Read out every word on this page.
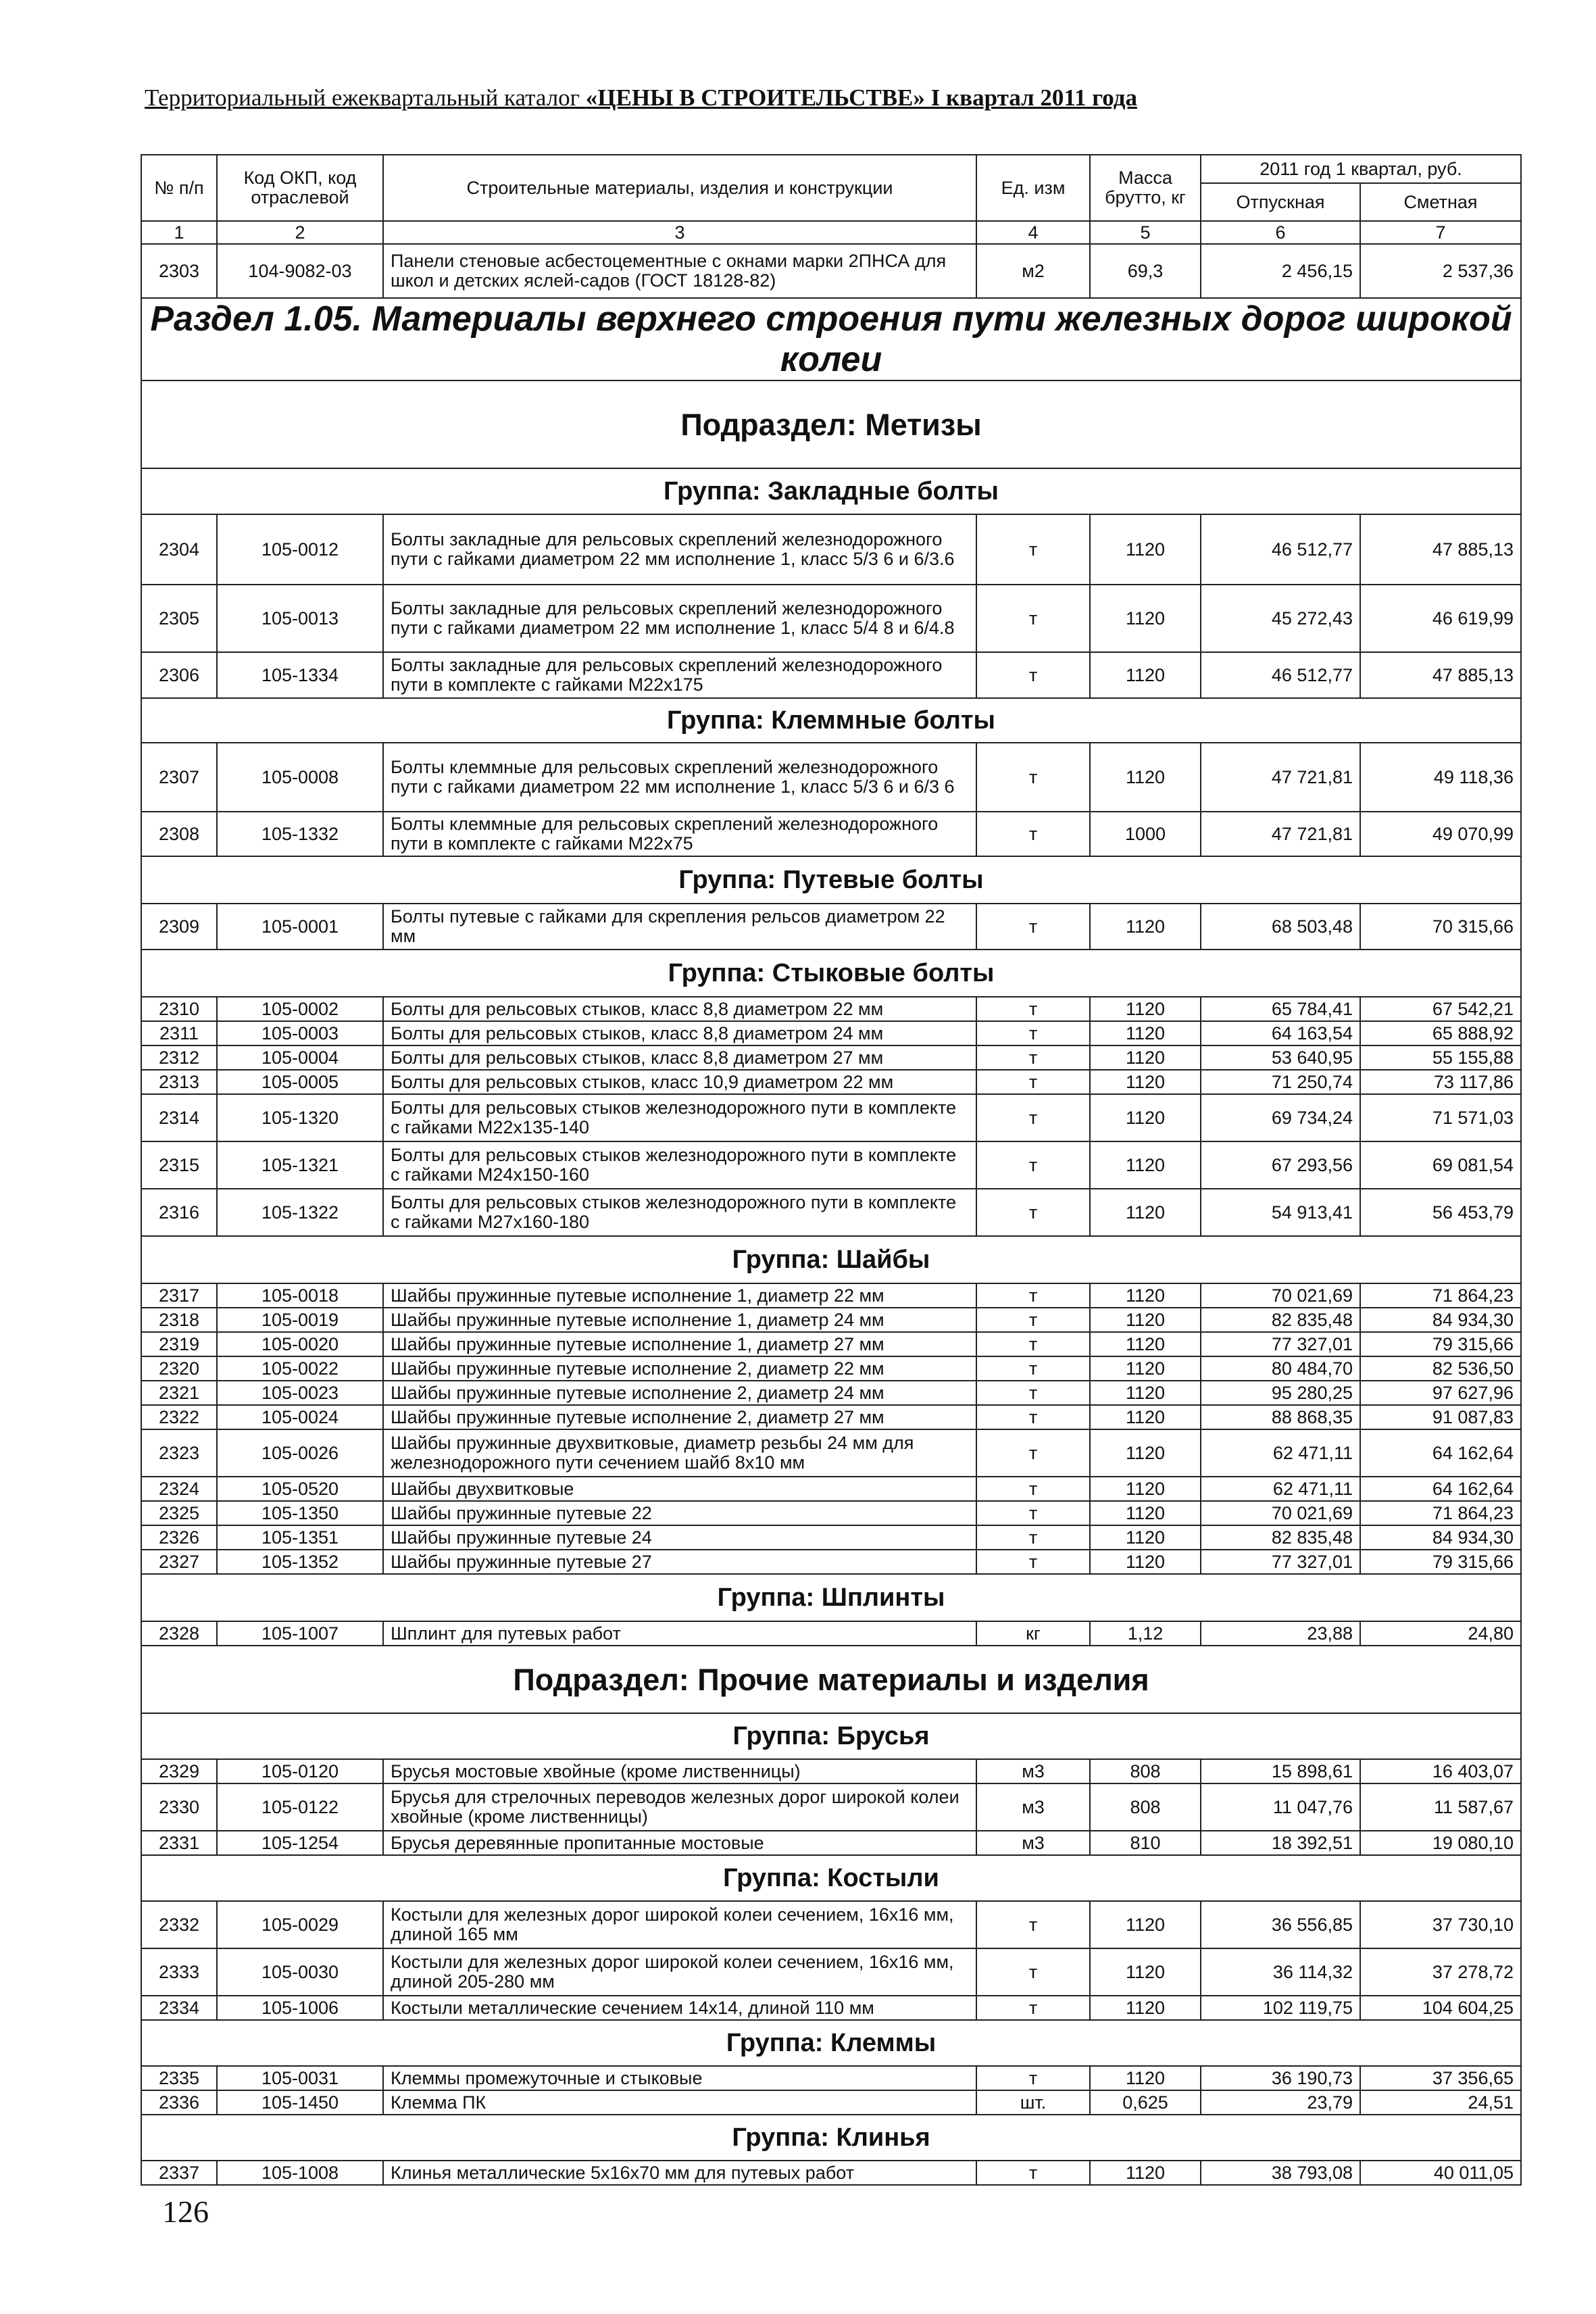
Территориальный ежеквартальный каталог «ЦЕНЫ В СТРОИТЕЛЬСТВЕ» I квартал 2011 года
№ п/п	Код ОКП, код отраслевой	Строительные материалы, изделия и конструкции	Ед. изм	Масса брутто, кг	2011 год 1 квартал, руб.	
					Отпускная	Сметная
1	2	3	4	5	6	7
2303	104-9082-03	Панели стеновые асбестоцементные с окнами марки 2ПНСА для школ и детских яслей-садов (ГОСТ 18128-82)	м2	69,3	2 456,15	2 537,36
Раздел 1.05. Материалы верхнего строения пути железных дорог широкой колеи						
Подраздел: Метизы						
Группа: Закладные болты						
2304	105-0012	Болты закладные для рельсовых скреплений железнодорожного пути с гайками диаметром 22 мм исполнение 1, класс 5/3 6 и 6/3.6	т	1120	46 512,77	47 885,13
2305	105-0013	Болты закладные для рельсовых скреплений железнодорожного пути с гайками диаметром 22 мм исполнение 1, класс 5/4 8 и 6/4.8	т	1120	45 272,43	46 619,99
2306	105-1334	Болты закладные для рельсовых скреплений железнодорожного пути в комплекте с гайками М22х175	т	1120	46 512,77	47 885,13
Группа: Клеммные болты						
2307	105-0008	Болты клеммные для рельсовых скреплений железнодорожного пути с гайками диаметром 22 мм исполнение 1, класс 5/3 6 и 6/3 6	т	1120	47 721,81	49 118,36
2308	105-1332	Болты клеммные для рельсовых скреплений железнодорожного пути в комплекте с гайками М22х75	т	1000	47 721,81	49 070,99
Группа: Путевые болты						
2309	105-0001	Болты путевые с гайками для скрепления рельсов диаметром 22 мм	т	1120	68 503,48	70 315,66
Группа: Стыковые болты						
2310	105-0002	Болты для рельсовых стыков, класс 8,8 диаметром 22 мм	т	1120	65 784,41	67 542,21
2311	105-0003	Болты для рельсовых стыков, класс 8,8 диаметром 24 мм	т	1120	64 163,54	65 888,92
2312	105-0004	Болты для рельсовых стыков, класс 8,8 диаметром 27 мм	т	1120	53 640,95	55 155,88
2313	105-0005	Болты для рельсовых стыков, класс 10,9 диаметром 22 мм	т	1120	71 250,74	73 117,86
2314	105-1320	Болты для рельсовых стыков железнодорожного пути в комплекте с гайками М22х135-140	т	1120	69 734,24	71 571,03
2315	105-1321	Болты для рельсовых стыков железнодорожного пути в комплекте с гайками М24х150-160	т	1120	67 293,56	69 081,54
2316	105-1322	Болты для рельсовых стыков железнодорожного пути в комплекте с гайками М27х160-180	т	1120	54 913,41	56 453,79
Группа: Шайбы						
2317	105-0018	Шайбы пружинные путевые исполнение 1, диаметр 22 мм	т	1120	70 021,69	71 864,23
2318	105-0019	Шайбы пружинные путевые исполнение 1, диаметр 24 мм	т	1120	82 835,48	84 934,30
2319	105-0020	Шайбы пружинные путевые исполнение 1, диаметр 27 мм	т	1120	77 327,01	79 315,66
2320	105-0022	Шайбы пружинные путевые исполнение 2, диаметр 22 мм	т	1120	80 484,70	82 536,50
2321	105-0023	Шайбы пружинные путевые исполнение 2, диаметр 24 мм	т	1120	95 280,25	97 627,96
2322	105-0024	Шайбы пружинные путевые исполнение 2, диаметр 27 мм	т	1120	88 868,35	91 087,83
2323	105-0026	Шайбы пружинные двухвитковые, диаметр резьбы 24 мм для железнодорожного пути сечением шайб 8х10 мм	т	1120	62 471,11	64 162,64
2324	105-0520	Шайбы двухвитковые	т	1120	62 471,11	64 162,64
2325	105-1350	Шайбы пружинные путевые 22	т	1120	70 021,69	71 864,23
2326	105-1351	Шайбы пружинные путевые 24	т	1120	82 835,48	84 934,30
2327	105-1352	Шайбы пружинные путевые 27	т	1120	77 327,01	79 315,66
Группа: Шплинты						
2328	105-1007	Шплинт для путевых работ	кг	1,12	23,88	24,80
Подраздел: Прочие материалы и изделия						
Группа: Брусья						
2329	105-0120	Брусья мостовые хвойные (кроме лиственницы)	м3	808	15 898,61	16 403,07
2330	105-0122	Брусья для стрелочных переводов железных дорог широкой колеи хвойные (кроме лиственницы)	м3	808	11 047,76	11 587,67
2331	105-1254	Брусья деревянные пропитанные мостовые	м3	810	18 392,51	19 080,10
Группа: Костыли						
2332	105-0029	Костыли для железных дорог широкой колеи сечением, 16х16 мм, длиной 165 мм	т	1120	36 556,85	37 730,10
2333	105-0030	Костыли для железных дорог широкой колеи сечением, 16х16 мм, длиной 205-280 мм	т	1120	36 114,32	37 278,72
2334	105-1006	Костыли металлические сечением 14х14, длиной 110 мм	т	1120	102 119,75	104 604,25
Группа: Клеммы						
2335	105-0031	Клеммы промежуточные и стыковые	т	1120	36 190,73	37 356,65
2336	105-1450	Клемма ПК	шт.	0,625	23,79	24,51
Группа: Клинья						
2337	105-1008	Клинья металлические 5х16х70 мм для путевых работ	т	1120	38 793,08	40 011,05
126
